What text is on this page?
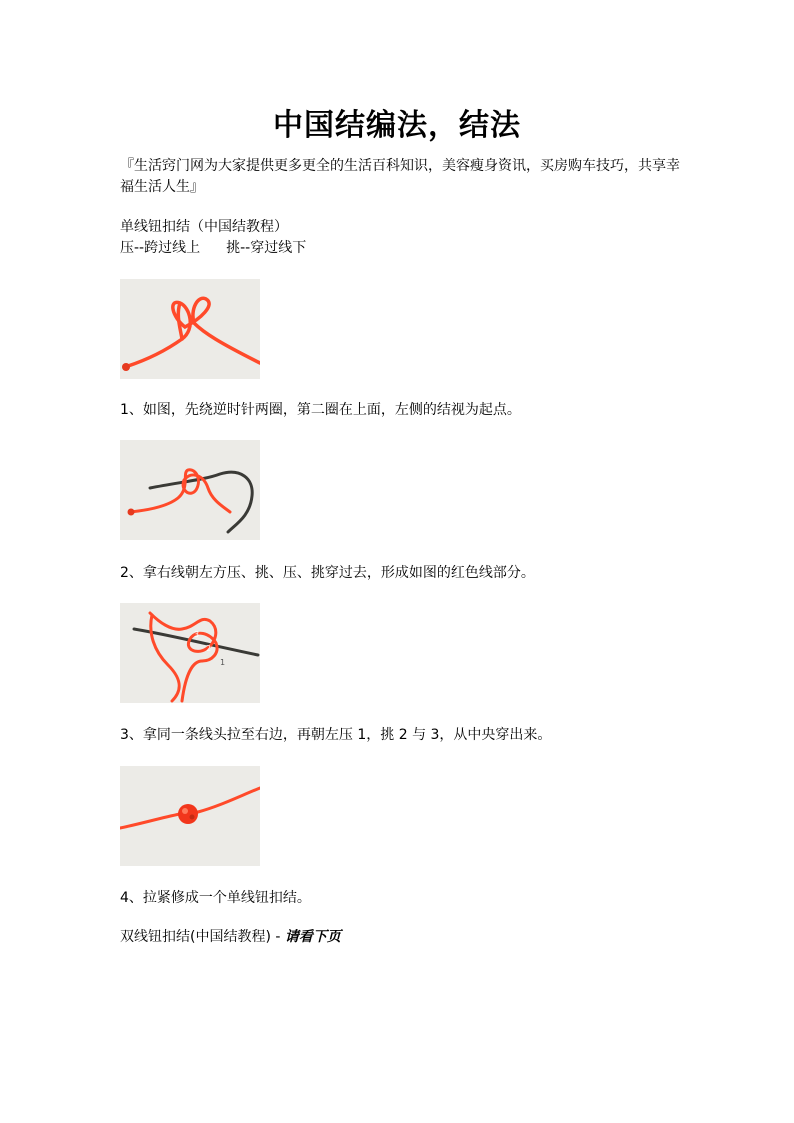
中国结编法，结法
『生活窍门网为大家提供更多更全的生活百科知识，美容瘦身资讯，买房购车技巧，共享幸福生活人生』
单线钮扣结（中国结教程）
压--跨过线上 挑--穿过线下
1、如图，先绕逆时针两圈，第二圈在上面，左侧的结视为起点。
2、拿右线朝左方压、挑、压、挑穿过去，形成如图的红色线部分。
3
2
1
3、拿同一条线头拉至右边，再朝左压 1，挑 2 与 3，从中央穿出来。
4、拉紧修成一个单线钮扣结。
双线钮扣结(中国结教程) - 请看下页
